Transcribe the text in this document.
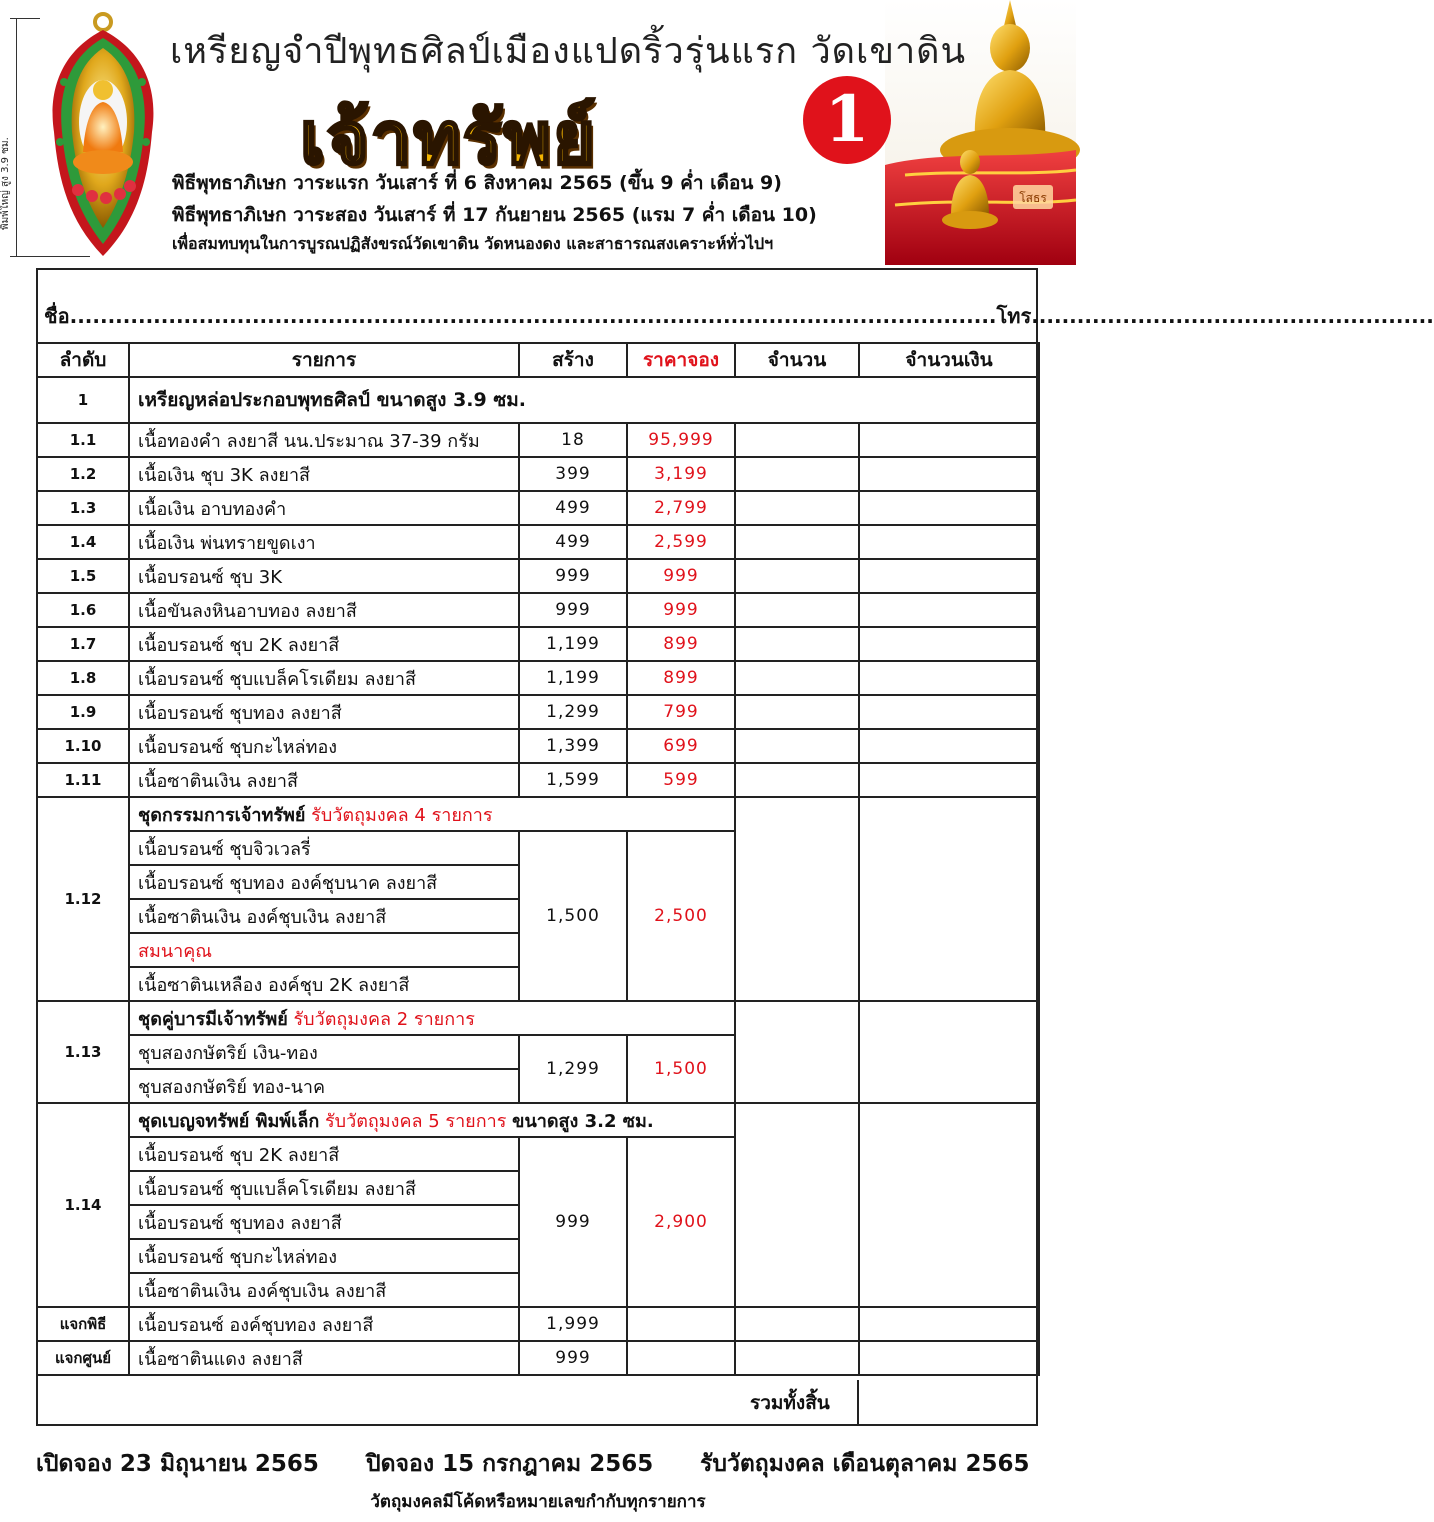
พิมพ์ใหญ่ สูง 3.9 ซม.	โสธร
เหรียญจำปีพุทธศิลป์เมืองแปดริ้วรุ่นแรก วัดเขาดิน
เจ้าทรัพย์	1
พิธีพุทธาภิเษก วาระแรก วันเสาร์ ที่ 6 สิงหาคม 2565 (ขึ้น 9 ค่ำ เดือน 9)
พิธีพุทธาภิเษก วาระสอง วันเสาร์ ที่ 17 กันยายน 2565 (แรม 7 ค่ำ เดือน 10)
เพื่อสมทบทุนในการบูรณปฏิสังขรณ์วัดเขาดิน วัดหนองดง และสาธารณสงเคราะห์ทั่วไปฯ
ชื่อ..........................................................................................................................โทร.....................................................
ลำดับ	รายการ	สร้าง	ราคาจอง	จำนวน	จำนวนเงิน
1	เหรียญหล่อประกอบพุทธศิลป์ ขนาดสูง 3.9 ซม.				
1.1	เนื้อทองคำ ลงยาสี นน.ประมาณ 37-39 กรัม	18	95,999		
1.2	เนื้อเงิน ชุบ 3K ลงยาสี	399	3,199		
1.3	เนื้อเงิน อาบทองคำ	499	2,799		
1.4	เนื้อเงิน พ่นทรายขูดเงา	499	2,599		
1.5	เนื้อบรอนซ์ ชุบ 3K	999	999		
1.6	เนื้อขันลงหินอาบทอง ลงยาสี	999	999		
1.7	เนื้อบรอนซ์ ชุบ 2K ลงยาสี	1,199	899		
1.8	เนื้อบรอนซ์ ชุบแบล็คโรเดียม ลงยาสี	1,199	899		
1.9	เนื้อบรอนซ์ ชุบทอง ลงยาสี	1,299	799		
1.10	เนื้อบรอนซ์ ชุบกะไหล่ทอง	1,399	699		
1.11	เนื้อซาตินเงิน ลงยาสี	1,599	599		
1.12	ชุดกรรมการเจ้าทรัพย์ รับวัตถุมงคล 4 รายการ				
	เนื้อบรอนซ์ ชุบจิวเวลรี่	1,500	2,500		
	เนื้อบรอนซ์ ชุบทอง องค์ชุบนาค ลงยาสี				
	เนื้อซาตินเงิน องค์ชุบเงิน ลงยาสี				
	สมนาคุณ				
	เนื้อซาตินเหลือง องค์ชุบ 2K ลงยาสี				
1.13	ชุดคู่บารมีเจ้าทรัพย์ รับวัตถุมงคล 2 รายการ				
	ชุบสองกษัตริย์ เงิน-ทอง	1,299	1,500		
	ชุบสองกษัตริย์ ทอง-นาค				
1.14	ชุดเบญจทรัพย์ พิมพ์เล็ก รับวัตถุมงคล 5 รายการ ขนาดสูง 3.2 ซม.				
	เนื้อบรอนซ์ ชุบ 2K ลงยาสี	999	2,900		
	เนื้อบรอนซ์ ชุบแบล็คโรเดียม ลงยาสี				
	เนื้อบรอนซ์ ชุบทอง ลงยาสี				
	เนื้อบรอนซ์ ชุบกะไหล่ทอง				
	เนื้อซาตินเงิน องค์ชุบเงิน ลงยาสี				
แจกพิธี	เนื้อบรอนซ์ องค์ชุบทอง ลงยาสี	1,999			
แจกศูนย์	เนื้อซาตินแดง ลงยาสี	999			
รวมทั้งสิ้น
เปิดจอง 23 มิถุนายน 2565 ปิดจอง 15 กรกฎาคม 2565 รับวัตถุมงคล เดือนตุลาคม 2565
วัตถุมงคลมีโค้ดหรือหมายเลขกำกับทุกรายการ
